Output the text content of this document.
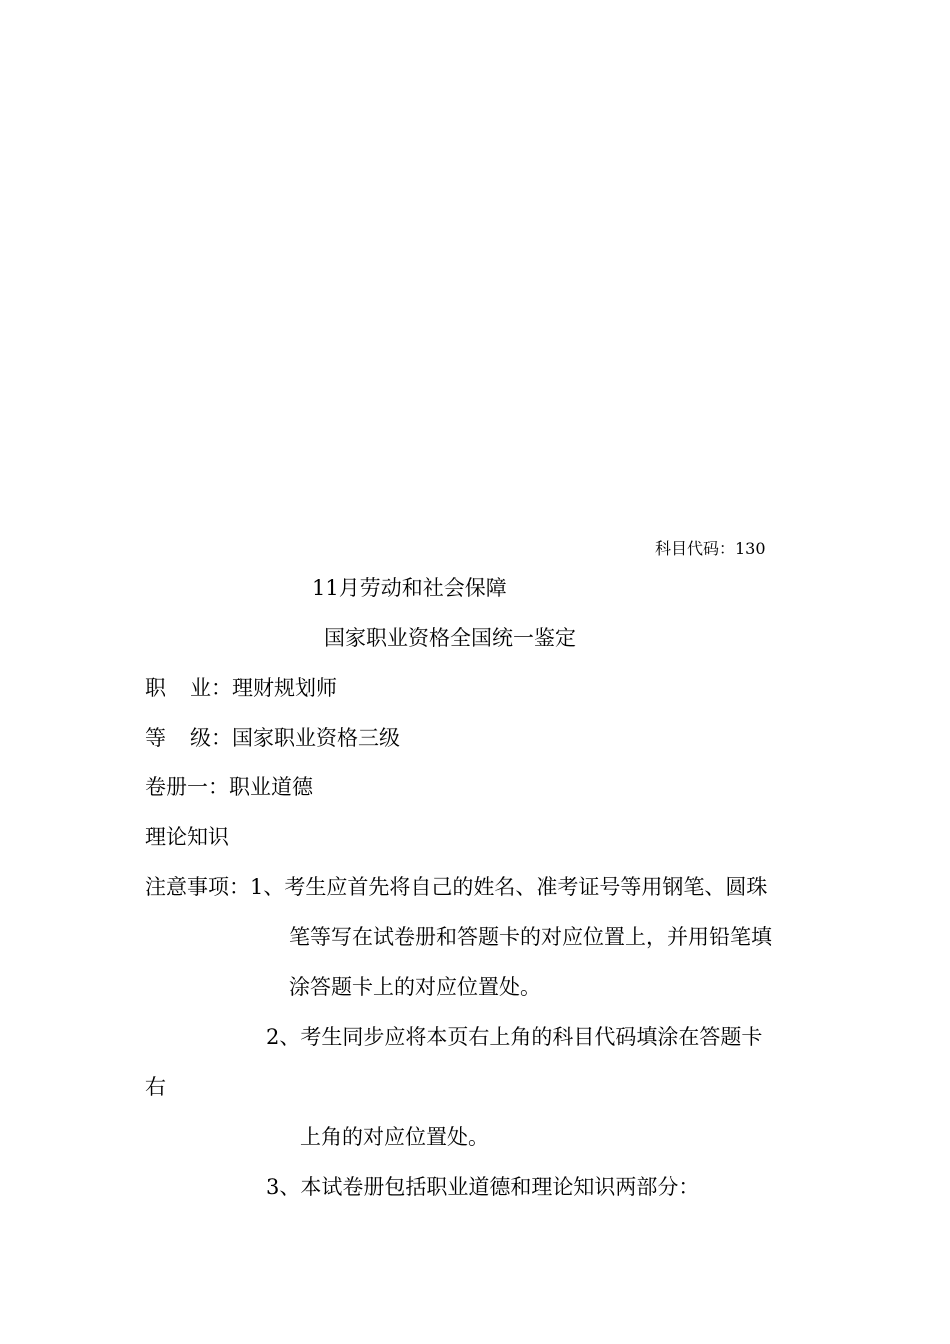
科目代码：130
11月劳动和社会保障
国家职业资格全国统一鉴定
职 业：理财规划师
等 级：国家职业资格三级
卷册一：职业道德
理论知识
注意事项：1、考生应首先将自己的姓名、准考证号等用钢笔、圆珠
笔等写在试卷册和答题卡的对应位置上，并用铅笔填
涂答题卡上的对应位置处。
2、考生同步应将本页右上角的科目代码填涂在答题卡
右
上角的对应位置处。
3、本试卷册包括职业道德和理论知识两部分：
